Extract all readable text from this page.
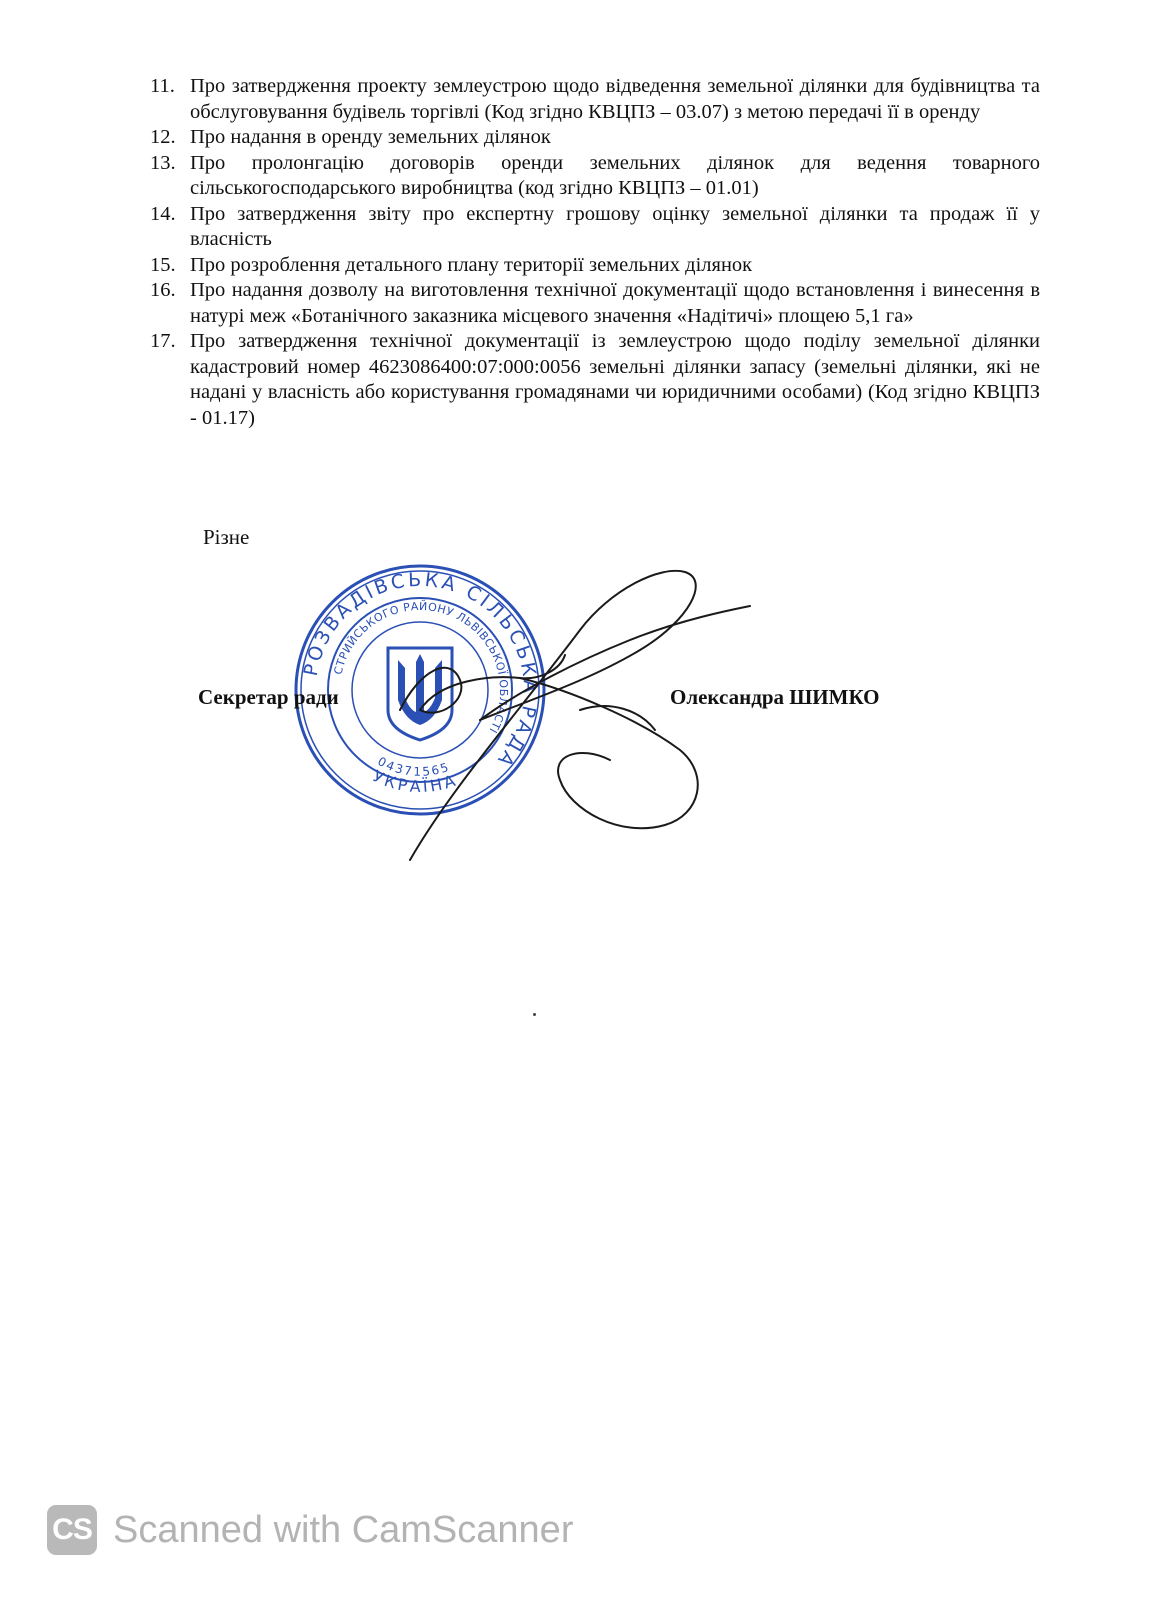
11. Про затвердження проекту землеустрою щодо відведення земельної ділянки для будівництва та обслуговування будівель торгівлі (Код згідно КВЦПЗ – 03.07) з метою передачі її в оренду
12. Про надання в оренду земельних ділянок
13. Про пролонгацію договорів оренди земельних ділянок для ведення товарного сільськогосподарського виробництва (код згідно КВЦПЗ – 01.01)
14. Про затвердження звіту про експертну грошову оцінку земельної ділянки та продаж її у власність
15. Про розроблення детального плану території земельних ділянок
16. Про надання дозволу на виготовлення технічної документації щодо встановлення і винесення в натурі меж «Ботанічного заказника місцевого значення «Надітичі» площею 5,1 га»
17. Про затвердження технічної документації із землеустрою щодо поділу земельної ділянки кадастровий номер 4623086400:07:000:0056 земельні ділянки запасу (земельні ділянки, які не надані у власність або користування громадянами чи юридичними особами) (Код згідно КВЦПЗ - 01.17)
Різне
РОЗВАДІВСЬКА СІЛЬСЬКА РАДА
СТРИЙСЬКОГО РАЙОНУ ЛЬВІВСЬКОЇ ОБЛАСТІ
04371565
УКРАЇНА
Секретар ради	Олександра ШИМКО
CS Scanned with CamScanner
